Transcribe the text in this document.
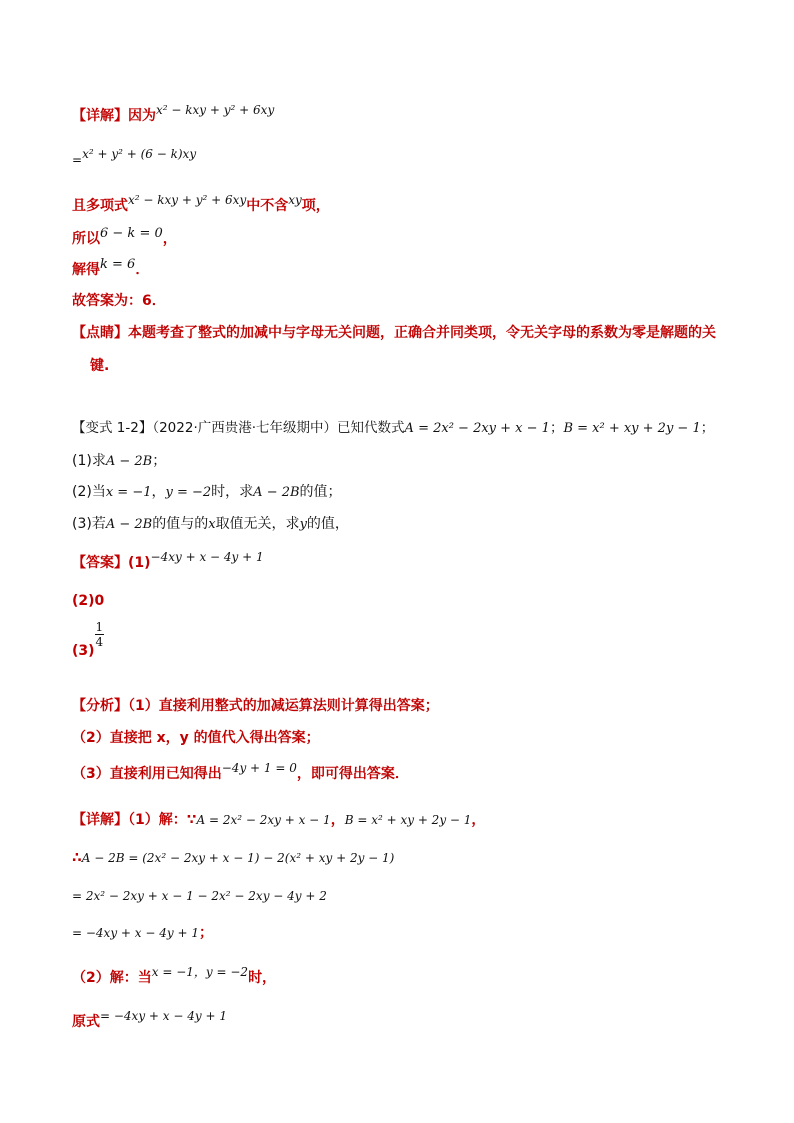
【详解】因为x² − kxy + y² + 6xy
=x² + y² + (6 − k)xy
且多项式x² − kxy + y² + 6xy中不含xy项，
所以6 − k = 0，
解得k = 6．
故答案为：6．
【点睛】本题考查了整式的加减中与字母无关问题，正确合并同类项，令无关字母的系数为零是解题的关
键.
【变式 1-2】（2022·广西贵港·七年级期中）已知代数式A = 2x² − 2xy + x − 1；B = x² + xy + 2y − 1；
(1)求A − 2B；
(2)当x = −1，y = −2时，求A − 2B的值；
(3)若A − 2B的值与的x取值无关，求y的值，
【答案】(1)−4xy + x − 4y + 1
(2)0
(3)
$\frac{1}{4}$
【分析】（1）直接利用整式的加减运算法则计算得出答案；
（2）直接把 x，y 的值代入得出答案；
（3）直接利用已知得出−4y + 1 = 0，即可得出答案．
【详解】（1）解：∵A = 2x² − 2xy + x − 1，B = x² + xy + 2y − 1，
∴A − 2B = (2x² − 2xy + x − 1) − 2(x² + xy + 2y − 1)
= 2x² − 2xy + x − 1 − 2x² − 2xy − 4y + 2
= −4xy + x − 4y + 1；
（2）解：当x = −1，y = −2时，
原式= −4xy + x − 4y + 1
